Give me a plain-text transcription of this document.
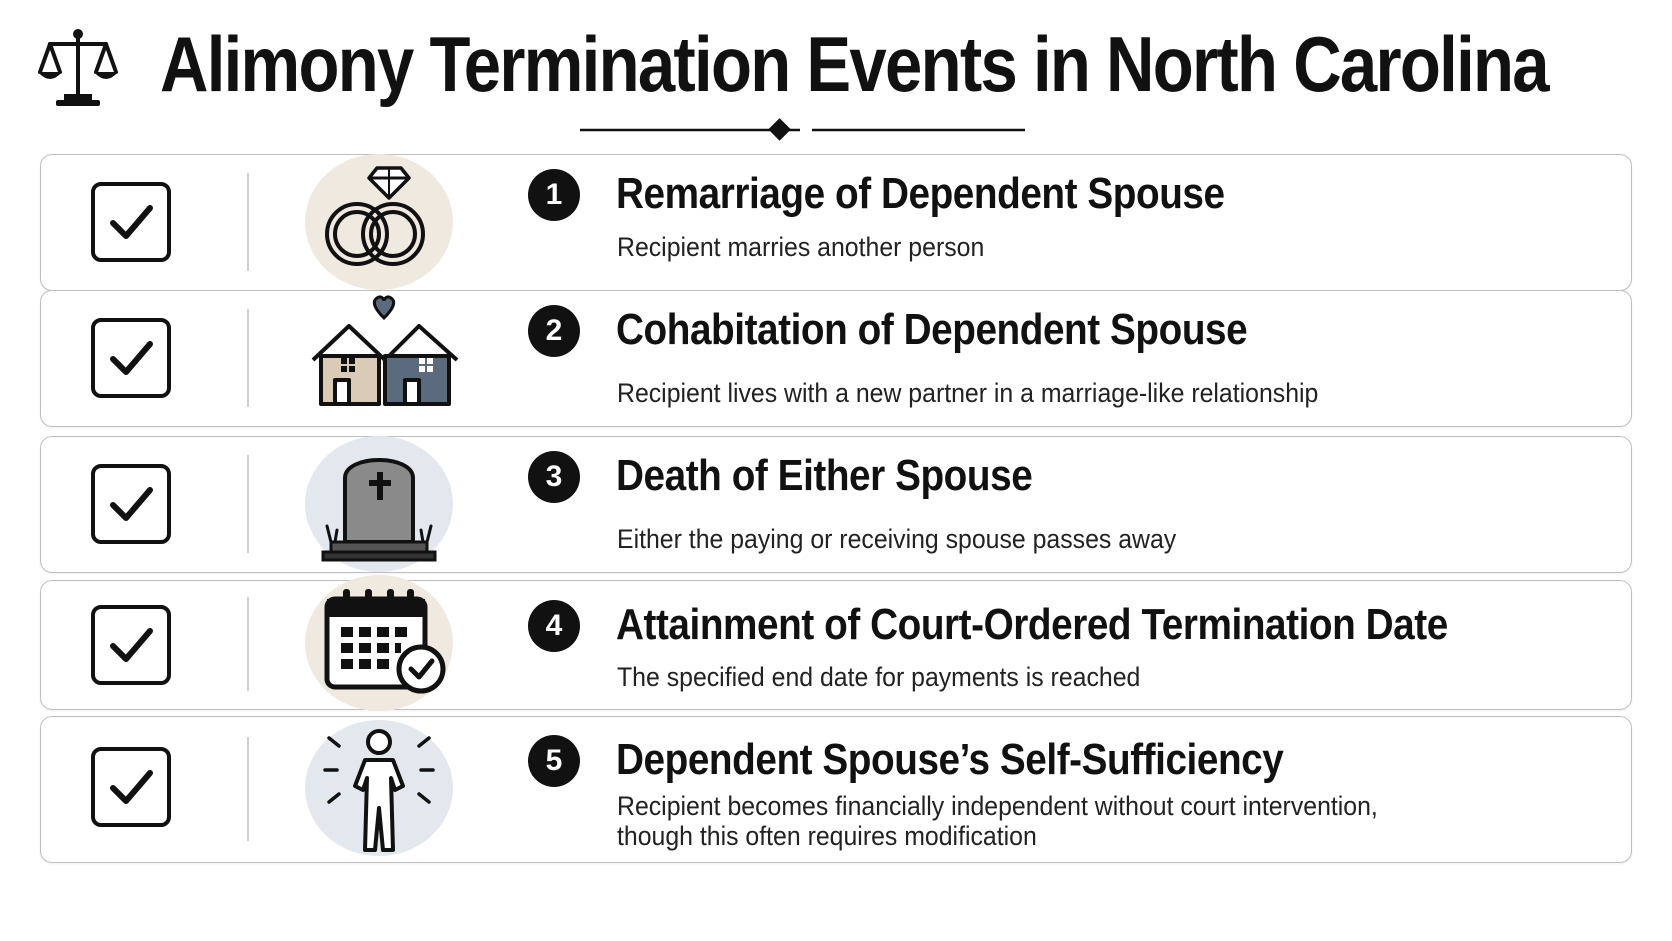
Alimony Termination Events in North Carolina
1	Remarriage of Dependent Spouse
Recipient marries another person
2	Cohabitation of Dependent Spouse
Recipient lives with a new partner in a marriage-like relationship
3	Death of Either Spouse
Either the paying or receiving spouse passes away
4	Attainment of Court-Ordered Termination Date
The specified end date for payments is reached
5	Dependent Spouse’s Self-Sufficiency
Recipient becomes financially independent without court intervention,
though this often requires modification
